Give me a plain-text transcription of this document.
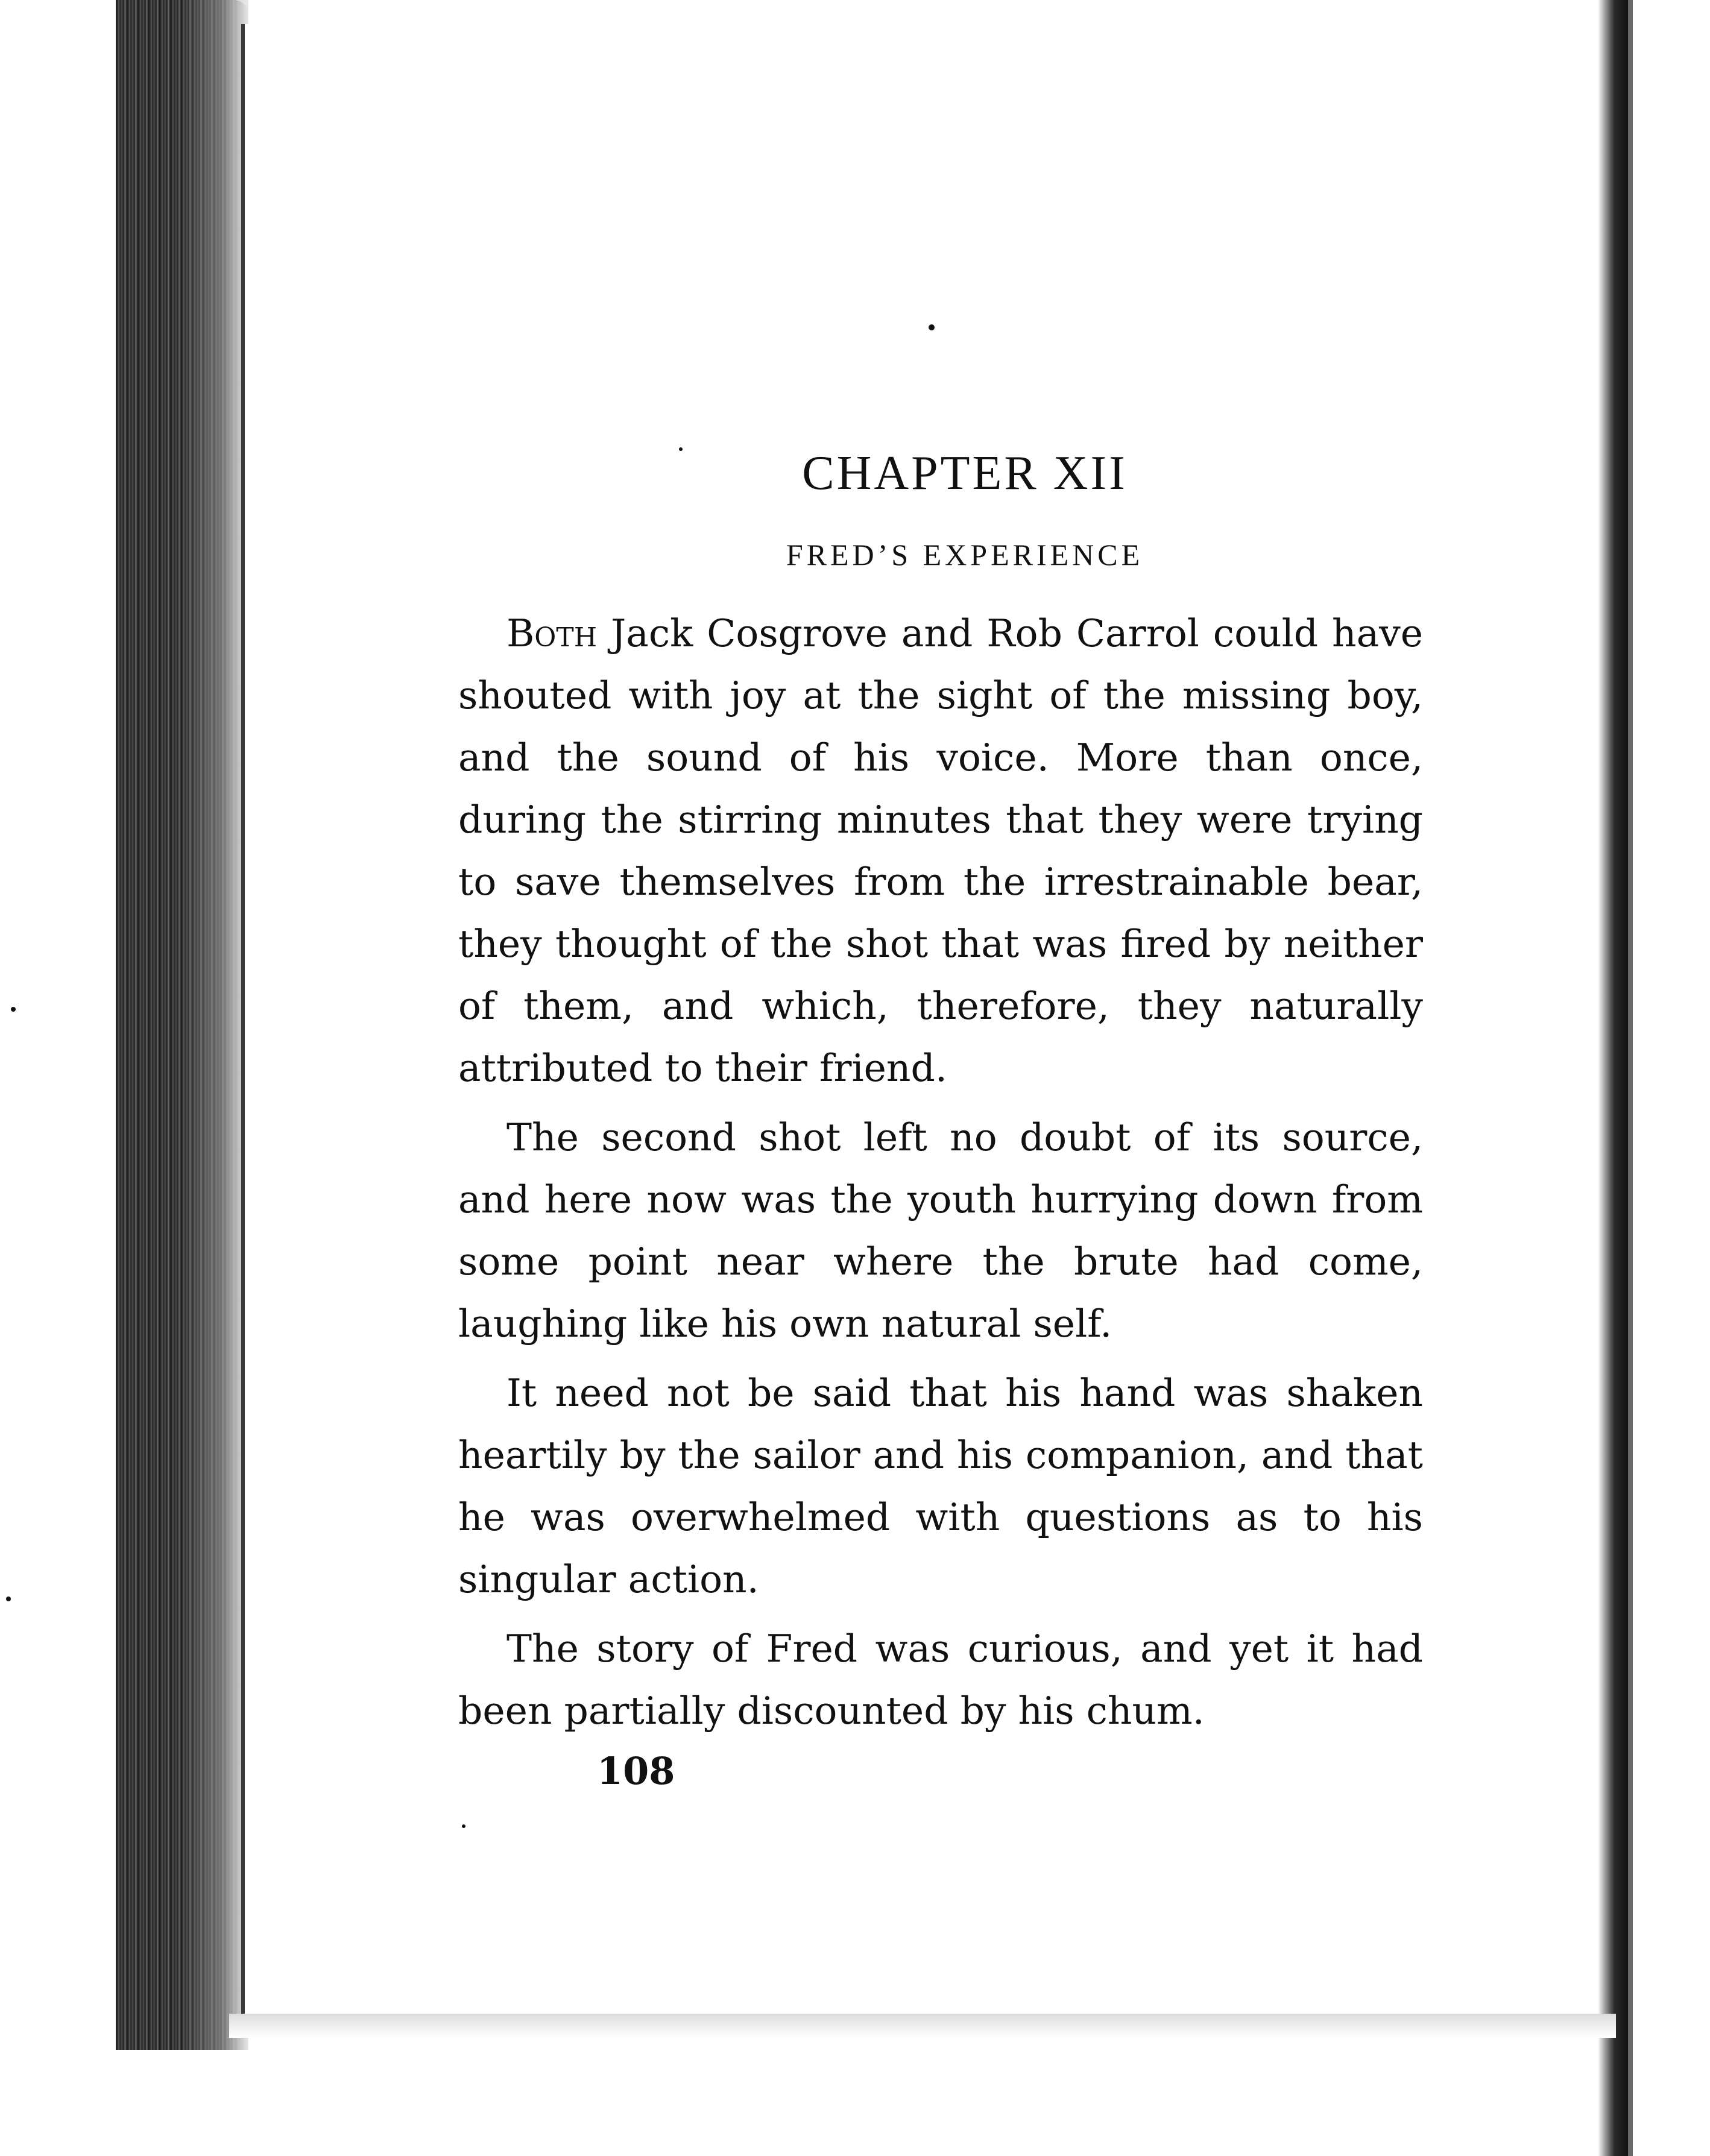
CHAPTER XII
FRED’S EXPERIENCE

Both Jack Cosgrove and Rob Carrol could have shouted with joy at the sight of the missing boy, and the sound of his voice. More than once, during the stirring minutes that they were trying to save themselves from the irrestrainable bear, they thought of the shot that was fired by neither of them, and which, therefore, they naturally attributed to their friend.

The second shot left no doubt of its source, and here now was the youth hurrying down from some point near where the brute had come, laughing like his own natural self.

It need not be said that his hand was shaken heartily by the sailor and his companion, and that he was overwhelmed with questions as to his singular action.

The story of Fred was curious, and yet it had been partially discounted by his chum.

108
